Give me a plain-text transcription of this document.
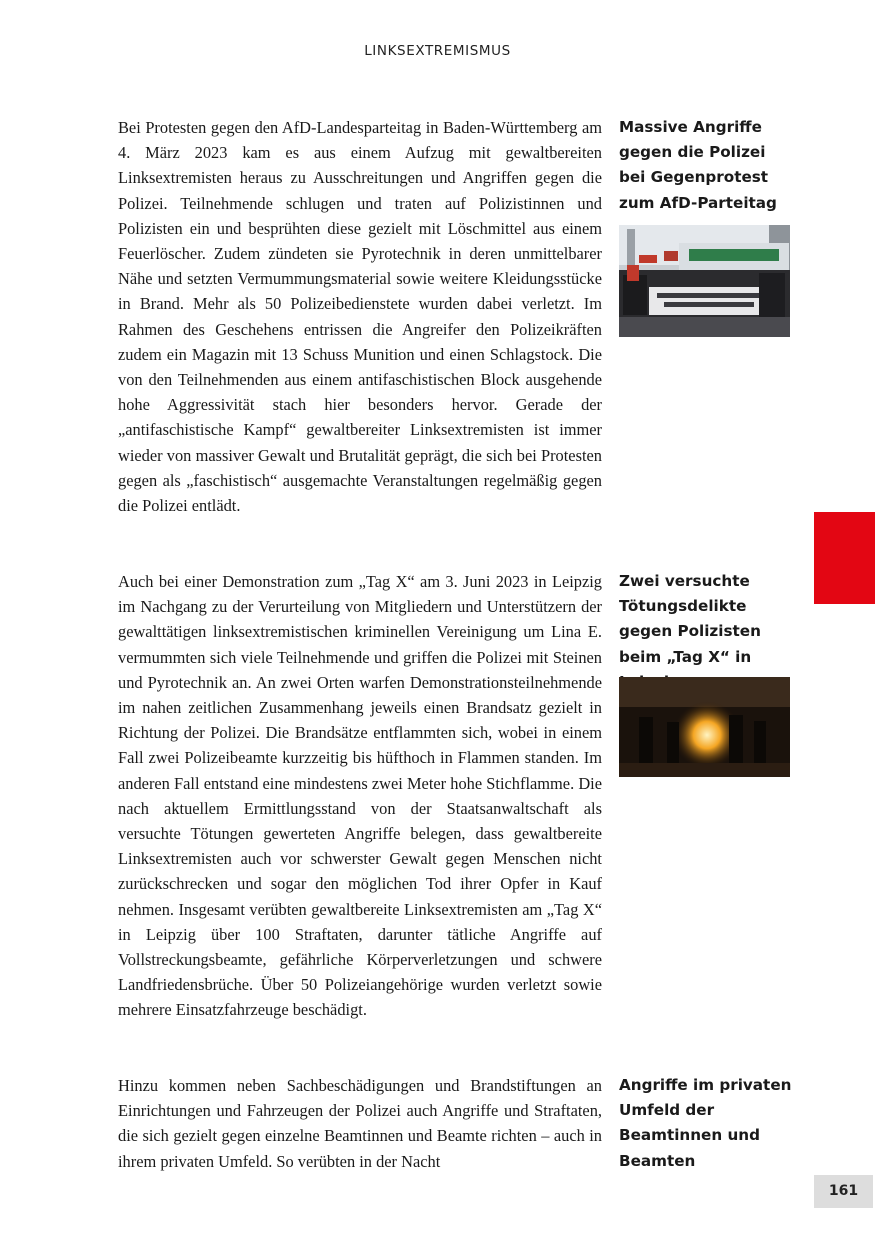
LINKSEXTREMISMUS

Bei Protesten gegen den AfD-Landesparteitag in Baden-Württemberg am 4. März 2023 kam es aus einem Aufzug mit gewaltbereiten Linksextremisten heraus zu Ausschreitungen und Angriffen gegen die Polizei. Teilnehmende schlugen und traten auf Polizistinnen und Polizisten ein und besprühten diese gezielt mit Löschmittel aus einem Feuerlöscher. Zudem zündeten sie Pyrotechnik in deren unmittelbarer Nähe und setzten Vermummungsmaterial sowie weitere Kleidungsstücke in Brand. Mehr als 50 Polizeibedienstete wurden dabei verletzt. Im Rahmen des Geschehens entrissen die Angreifer den Polizeikräften zudem ein Magazin mit 13 Schuss Munition und einen Schlagstock. Die von den Teilnehmenden aus einem antifaschistischen Block ausgehende hohe Aggressivität stach hier besonders hervor. Gerade der „antifaschistische Kampf“ gewaltbereiter Linksextremisten ist immer wieder von massiver Gewalt und Brutalität geprägt, die sich bei Protesten gegen als „faschistisch“ ausgemachte Veranstaltungen regelmäßig gegen die Polizei entlädt.

Massive Angriffe gegen die Polizei bei Gegenprotest zum AfD-Parteitag

Auch bei einer Demonstration zum „Tag X“ am 3. Juni 2023 in Leipzig im Nachgang zu der Verurteilung von Mitgliedern und Unterstützern der gewalttätigen linksextremistischen kriminellen Vereinigung um Lina E. vermummten sich viele Teilnehmende und griffen die Polizei mit Steinen und Pyrotechnik an. An zwei Orten warfen Demonstrationsteilnehmende im nahen zeitlichen Zusammenhang jeweils einen Brandsatz gezielt in Richtung der Polizei. Die Brandsätze entflammten sich, wobei in einem Fall zwei Polizeibeamte kurzzeitig bis hüfthoch in Flammen standen. Im anderen Fall entstand eine mindestens zwei Meter hohe Stichflamme. Die nach aktuellem Ermittlungsstand von der Staatsanwaltschaft als versuchte Tötungen gewerteten Angriffe belegen, dass gewaltbereite Linksextremisten auch vor schwerster Gewalt gegen Menschen nicht zurückschrecken und sogar den möglichen Tod ihrer Opfer in Kauf nehmen. Insgesamt verübten gewaltbereite Linksextremisten am „Tag X“ in Leipzig über 100 Straftaten, darunter tätliche Angriffe auf Vollstreckungsbeamte, gefährliche Körperverletzungen und schwere Landfriedensbrüche. Über 50 Polizeiangehörige wurden verletzt sowie mehrere Einsatzfahrzeuge beschädigt.

Zwei versuchte Tötungsdelikte gegen Polizisten beim „Tag X“ in

Hinzu kommen neben Sachbeschädigungen und Brandstiftungen an Einrichtungen und Fahrzeugen der Polizei auch Angriffe und Straftaten, die sich gezielt gegen einzelne Beamtinnen und Beamte richten – auch in ihrem privaten Umfeld. So verübten in der Nacht

Angriffe im privaten Umfeld der Beamtinnen und Beamten

161
